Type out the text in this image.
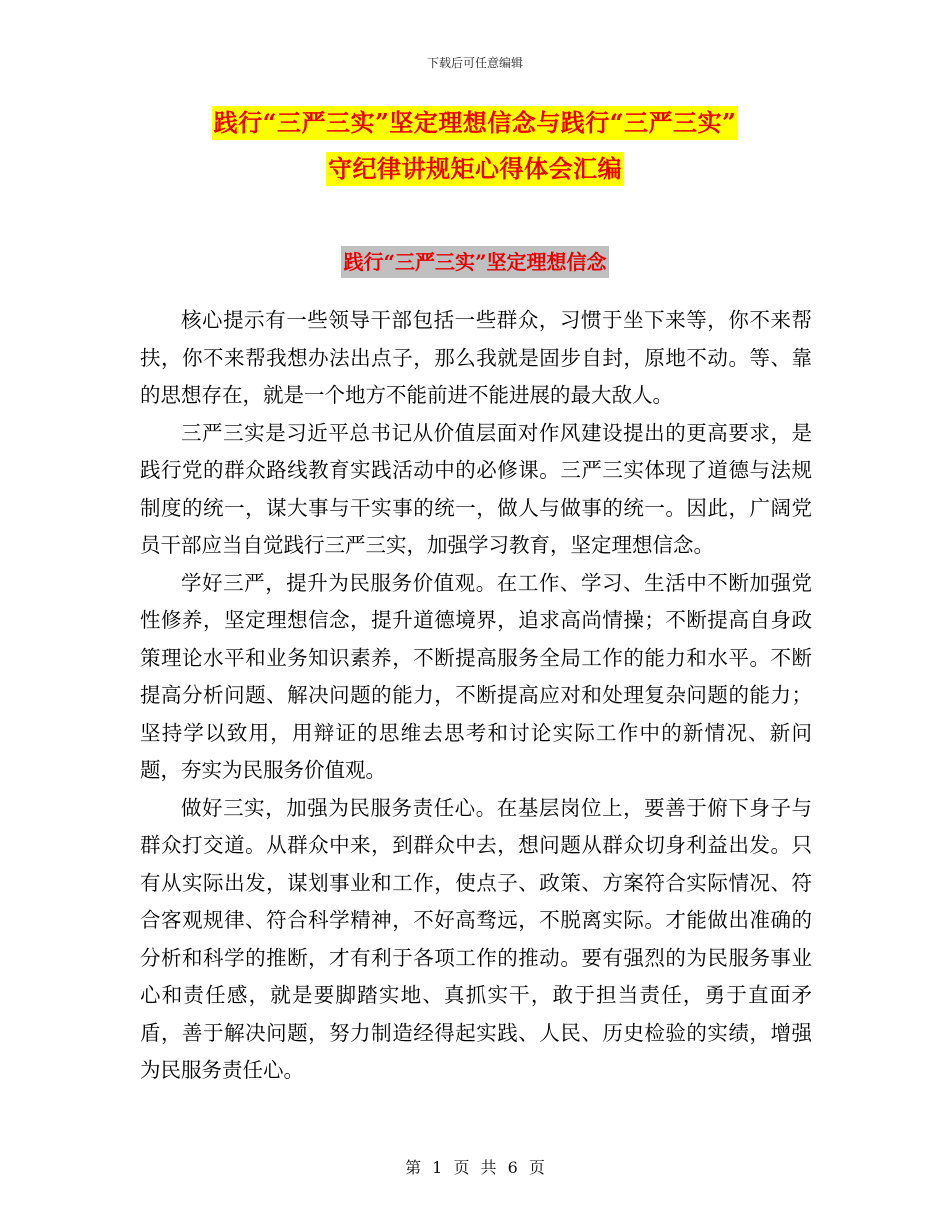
下载后可任意编辑
践行“三严三实”坚定理想信念与践行“三严三实”
守纪律讲规矩心得体会汇编
践行“三严三实”坚定理想信念

核心提示有一些领导干部包括一些群众，习惯于坐下来等，你不来帮扶，你不来帮我想办法出点子，那么我就是固步自封，原地不动。等、靠的思想存在，就是一个地方不能前进不能进展的最大敌人。

三严三实是习近平总书记从价值层面对作风建设提出的更高要求，是践行党的群众路线教育实践活动中的必修课。三严三实体现了道德与法规制度的统一，谋大事与干实事的统一，做人与做事的统一。因此，广阔党员干部应当自觉践行三严三实，加强学习教育，坚定理想信念。

学好三严，提升为民服务价值观。在工作、学习、生活中不断加强党性修养，坚定理想信念，提升道德境界，追求高尚情操；不断提高自身政策理论水平和业务知识素养，不断提高服务全局工作的能力和水平。不断提高分析问题、解决问题的能力，不断提高应对和处理复杂问题的能力；坚持学以致用，用辩证的思维去思考和讨论实际工作中的新情况、新问题，夯实为民服务价值观。

做好三实，加强为民服务责任心。在基层岗位上，要善于俯下身子与群众打交道。从群众中来，到群众中去，想问题从群众切身利益出发。只有从实际出发，谋划事业和工作，使点子、政策、方案符合实际情况、符合客观规律、符合科学精神，不好高骛远，不脱离实际。才能做出准确的分析和科学的推断，才有利于各项工作的推动。要有强烈的为民服务事业心和责任感，就是要脚踏实地、真抓实干，敢于担当责任，勇于直面矛盾，善于解决问题，努力制造经得起实践、人民、历史检验的实绩，增强为民服务责任心。

第 1 页 共 6 页
